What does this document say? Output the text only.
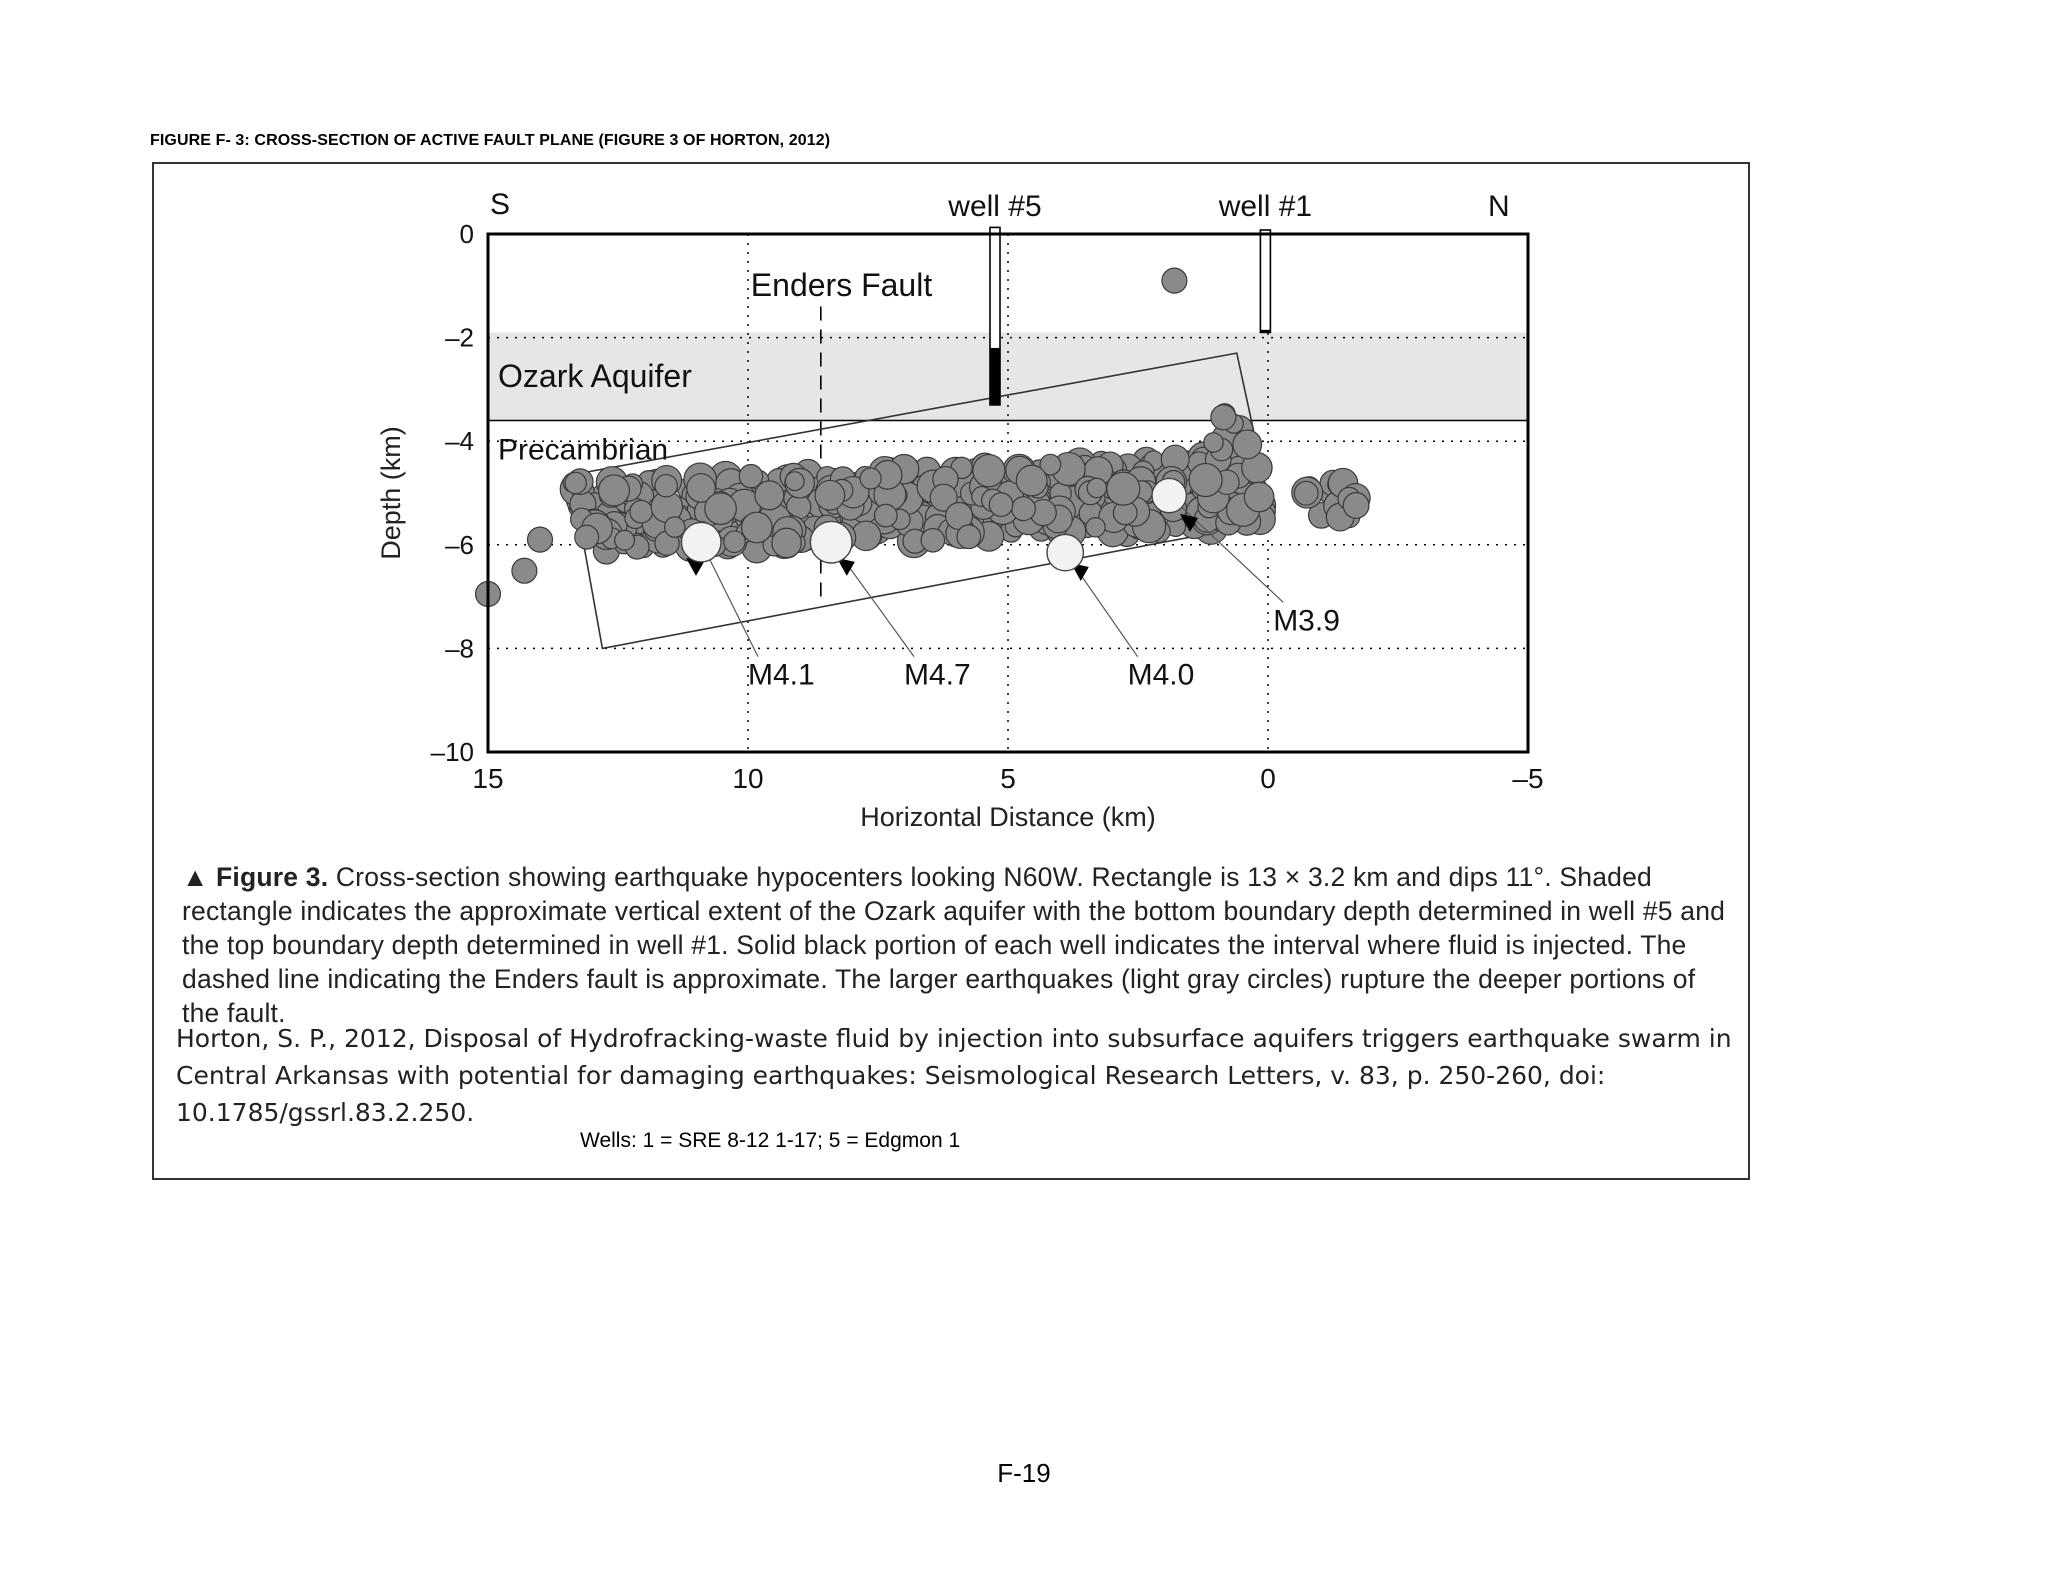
FIGURE F- 3: CROSS-SECTION OF ACTIVE FAULT PLANE (FIGURE 3 OF HORTON, 2012)
M4.1	M4.7	M4.0
M3.9
well #5	well #1
Ozark Aquifer
Precambrian
Enders Fault
S	N
15	10	5	0	–5
0
–2
–4
–6
–8
–10
Horizontal Distance (km)
Depth (km)
▲ Figure 3. Cross-section showing earthquake hypocenters looking N60W. Rectangle is 13 × 3.2 km and dips 11°. Shaded rectangle indicates the approximate vertical extent of the Ozark aquifer with the bottom boundary depth determined in well #5 and the top boundary depth determined in well #1. Solid black portion of each well indicates the interval where fluid is injected. The dashed line indicating the Enders fault is approximate. The larger earthquakes (light gray circles) rupture the deeper portions of the fault.
Horton, S. P., 2012, Disposal of Hydrofracking-waste fluid by injection into subsurface aquifers triggers earthquake swarm in Central Arkansas with potential for damaging earthquakes: Seismological Research Letters, v. 83, p. 250-260, doi: 10.1785/gssrl.83.2.250.
Wells: 1 = SRE 8-12 1-17; 5 = Edgmon 1
F-19
